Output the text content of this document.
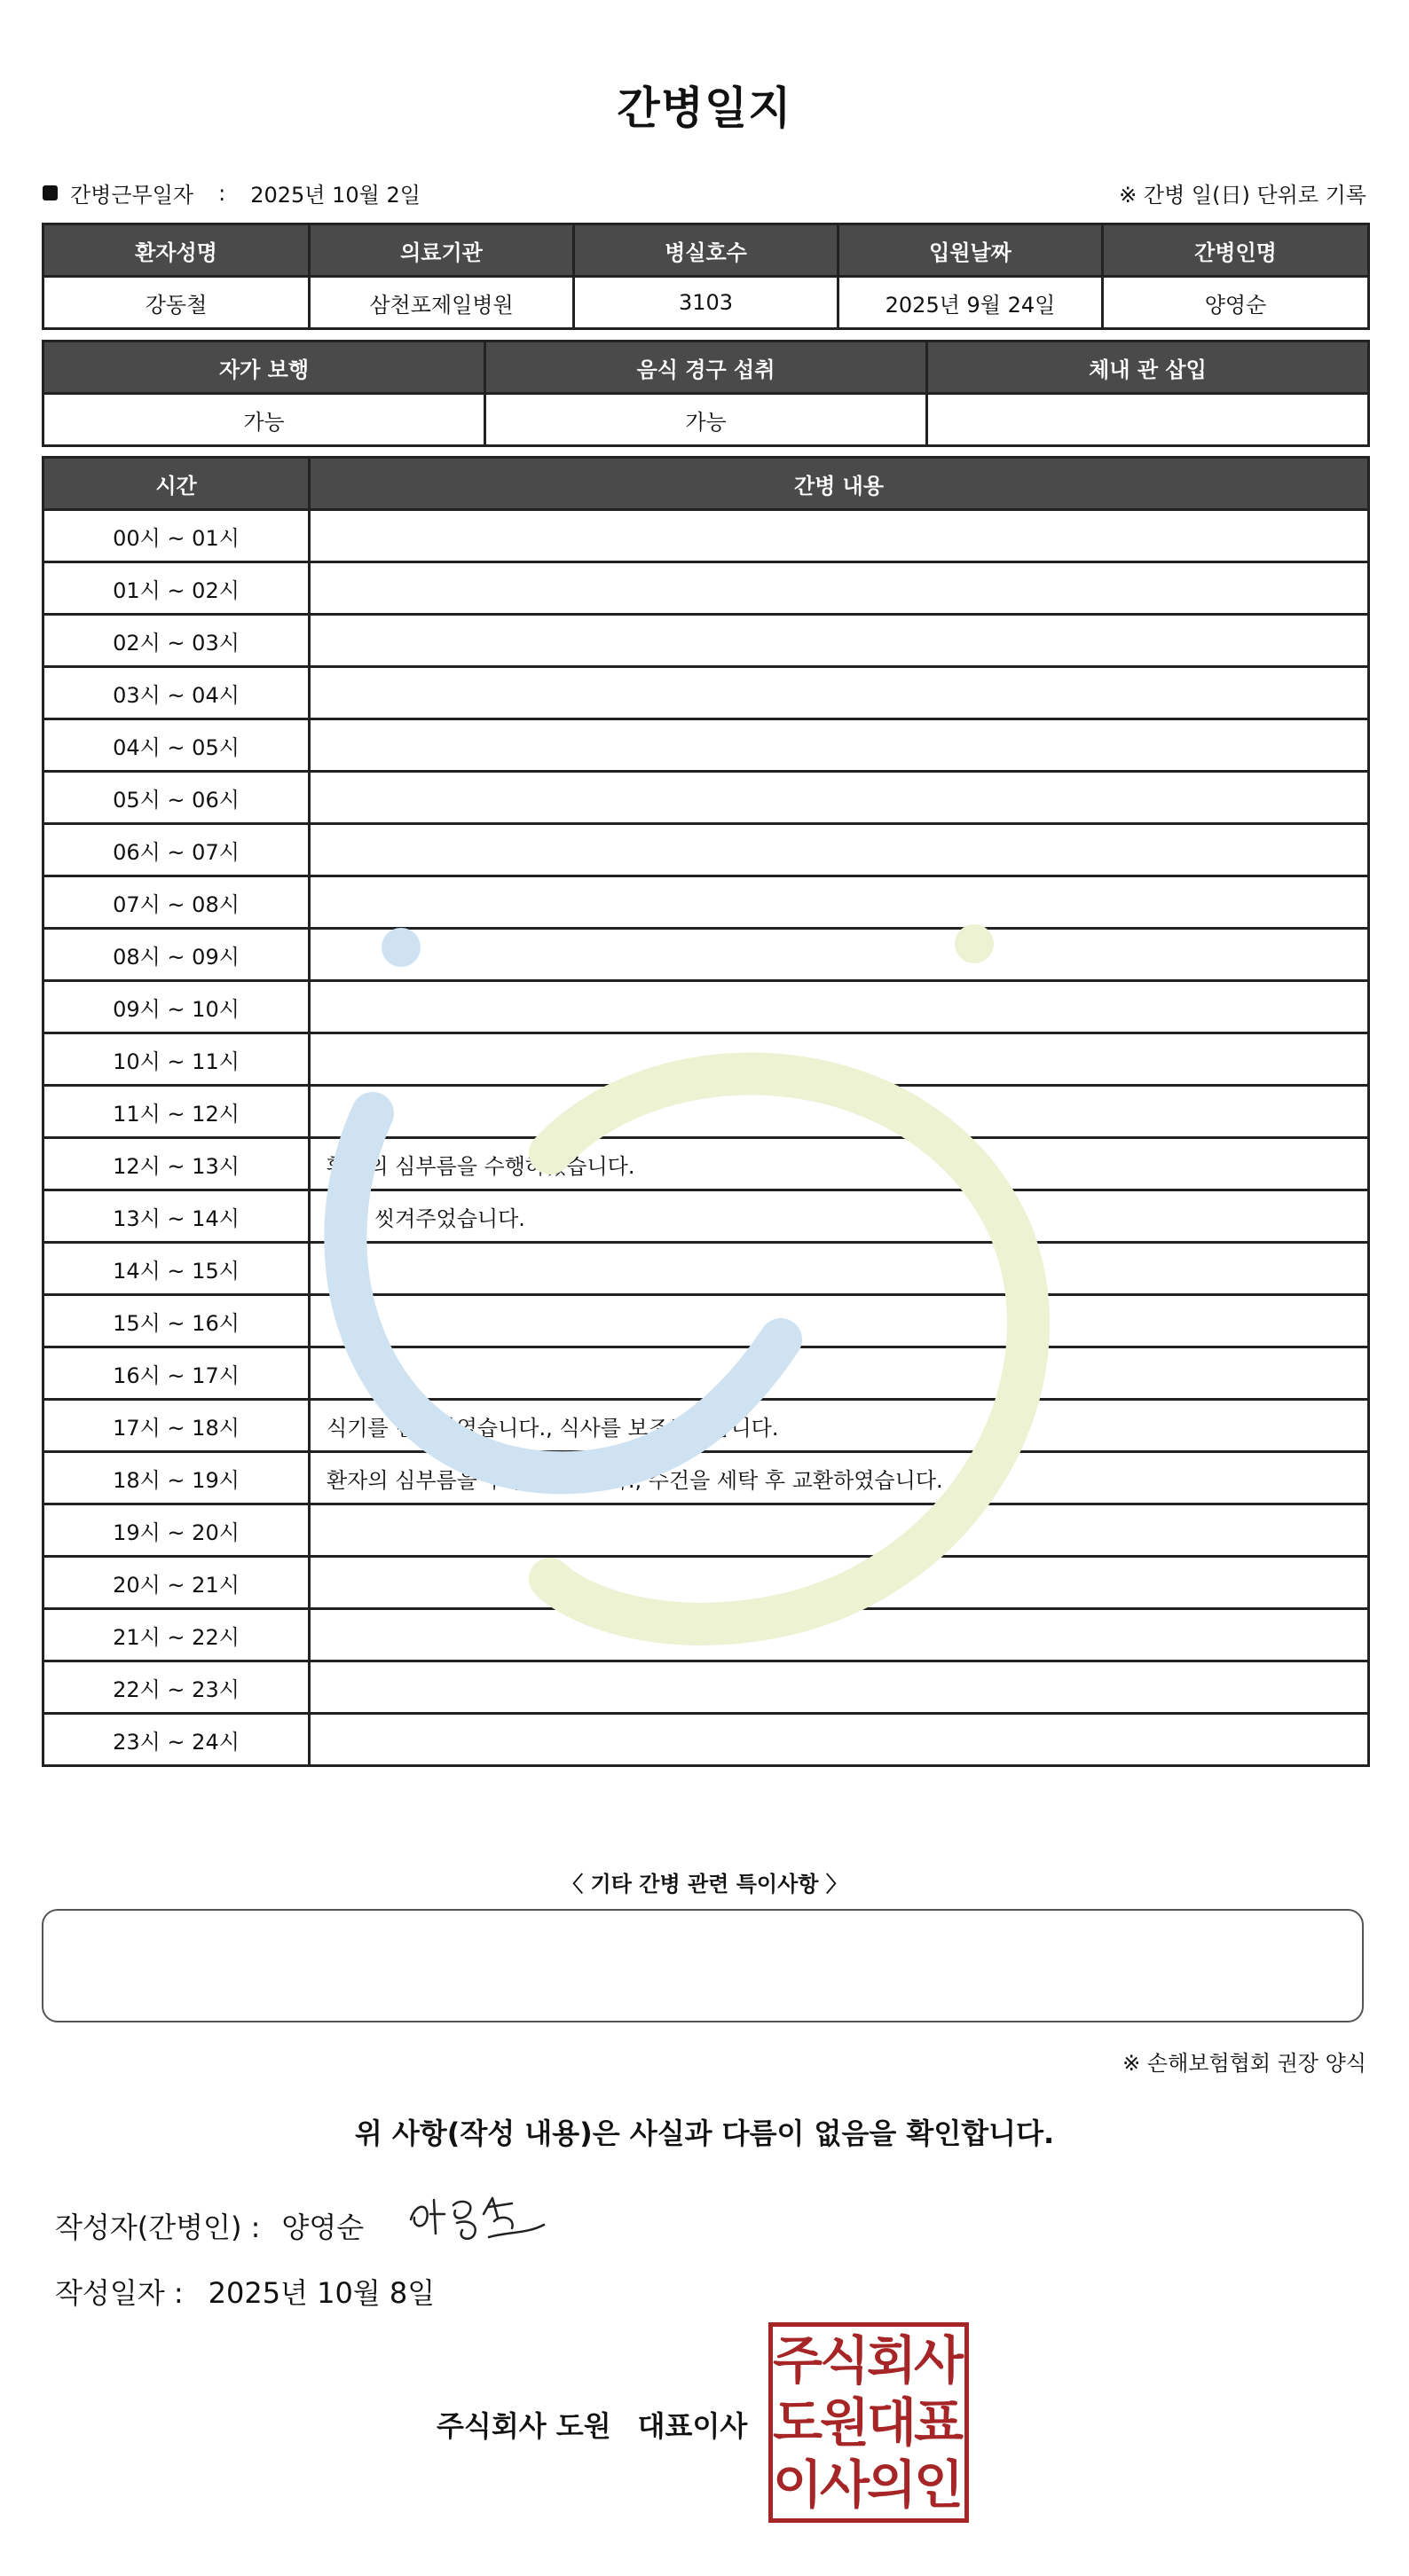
간병일지
간병근무일자 : 2025년 10월 2일	※ 간병 일(日) 단위로 기록
환자성명	의료기관	병실호수	입원날짜	간병인명
강동철	삼천포제일병원	3103	2025년 9월 24일	양영순
자가 보행	음식 경구 섭취	체내 관 삽입
가능	가능	
시간	간병 내용
00시 ~ 01시	
01시 ~ 02시	
02시 ~ 03시	
03시 ~ 04시	
04시 ~ 05시	
05시 ~ 06시	
06시 ~ 07시	
07시 ~ 08시	
08시 ~ 09시	
09시 ~ 10시	
10시 ~ 11시	
11시 ~ 12시	
12시 ~ 13시	환자의 심부름을 수행하였습니다.
13시 ~ 14시	발을 씻겨주었습니다.
14시 ~ 15시	
15시 ~ 16시	
16시 ~ 17시	
17시 ~ 18시	식기를 반납하였습니다., 식사를 보조하였습니다.
18시 ~ 19시	환자의 심부름을 수행하였습니다., 수건을 세탁 후 교환하였습니다.
19시 ~ 20시	
20시 ~ 21시	
21시 ~ 22시	
22시 ~ 23시	
23시 ~ 24시	
〈 기타 간병 관련 특이사항 〉
※ 손해보험협회 권장 양식
위 사항(작성 내용)은 사실과 다름이 없음을 확인합니다.
작성자(간병인) : 양영순
작성일자 : 2025년 10월 8일
주식회사 도원 대표이사
주
식
회
사
도
원
대
표
이
사
의
인
